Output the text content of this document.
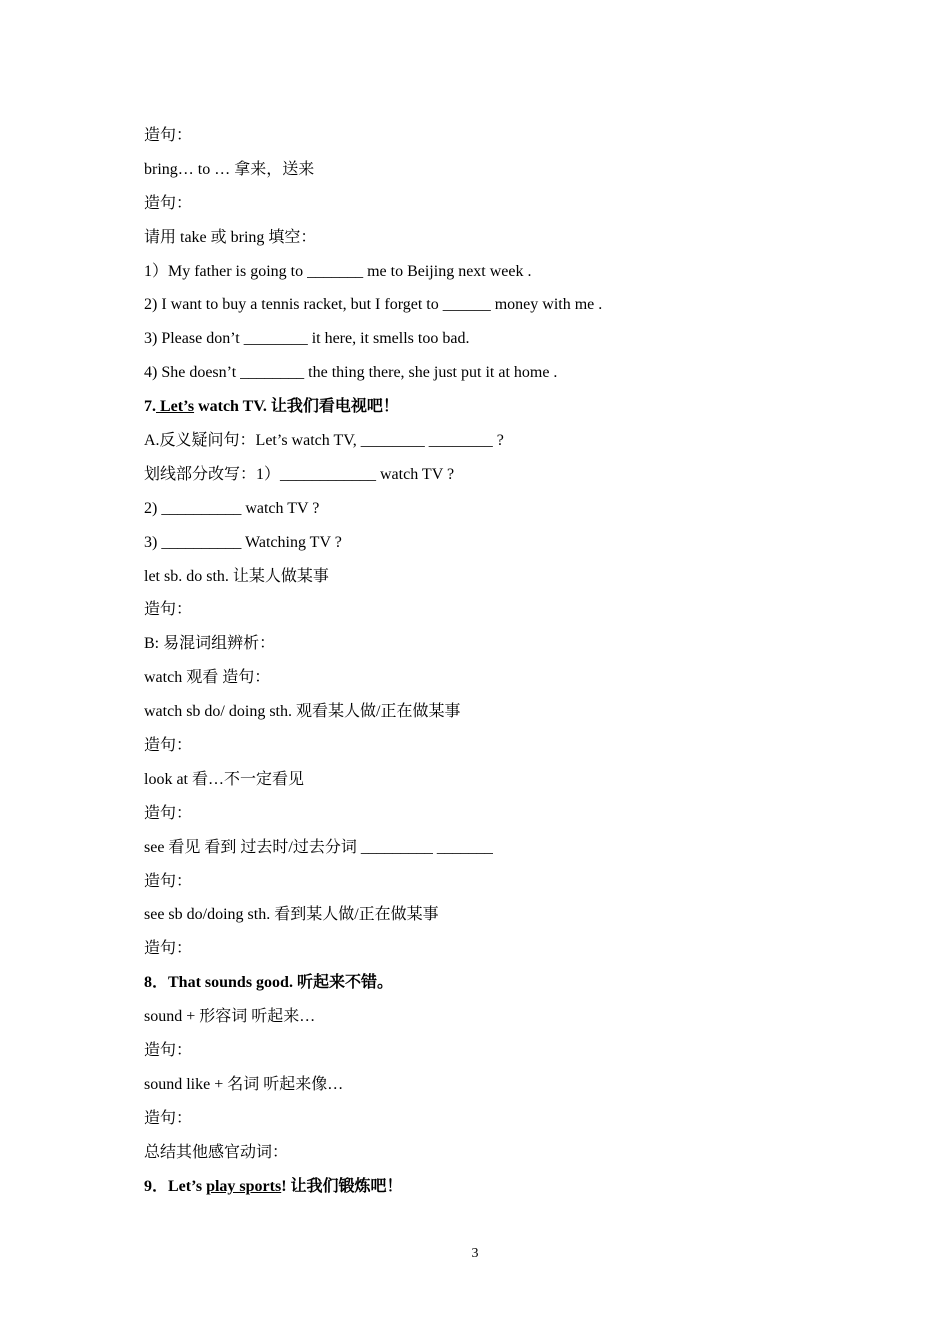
造句：
bring… to … 拿来，送来
造句：
请用 take 或 bring 填空：
1）My father is going to _______ me to Beijing next week .
2) I want to buy a tennis racket, but I forget to ______ money with me .
3) Please don’t ________ it here, it smells too bad.
4) She doesn’t ________ the thing there, she just put it at home .
7. Let’s watch TV. 让我们看电视吧！
A.反义疑问句：Let’s watch TV, ________ ________ ?
划线部分改写：1）____________ watch TV ?
2) __________ watch TV ?
3) __________ Watching TV ?
let sb. do sth. 让某人做某事
造句：
B: 易混词组辨析：
watch 观看 造句：
watch sb do/ doing sth. 观看某人做/正在做某事
造句：
look at 看…不一定看见
造句：
see 看见 看到 过去时/过去分词 _________ _______
造句：
see sb do/doing sth. 看到某人做/正在做某事
造句：
8．That sounds good. 听起来不错。
sound + 形容词 听起来…
造句：
sound like + 名词 听起来像…
造句：
总结其他感官动词：
9．Let’s play sports! 让我们锻炼吧！
3
